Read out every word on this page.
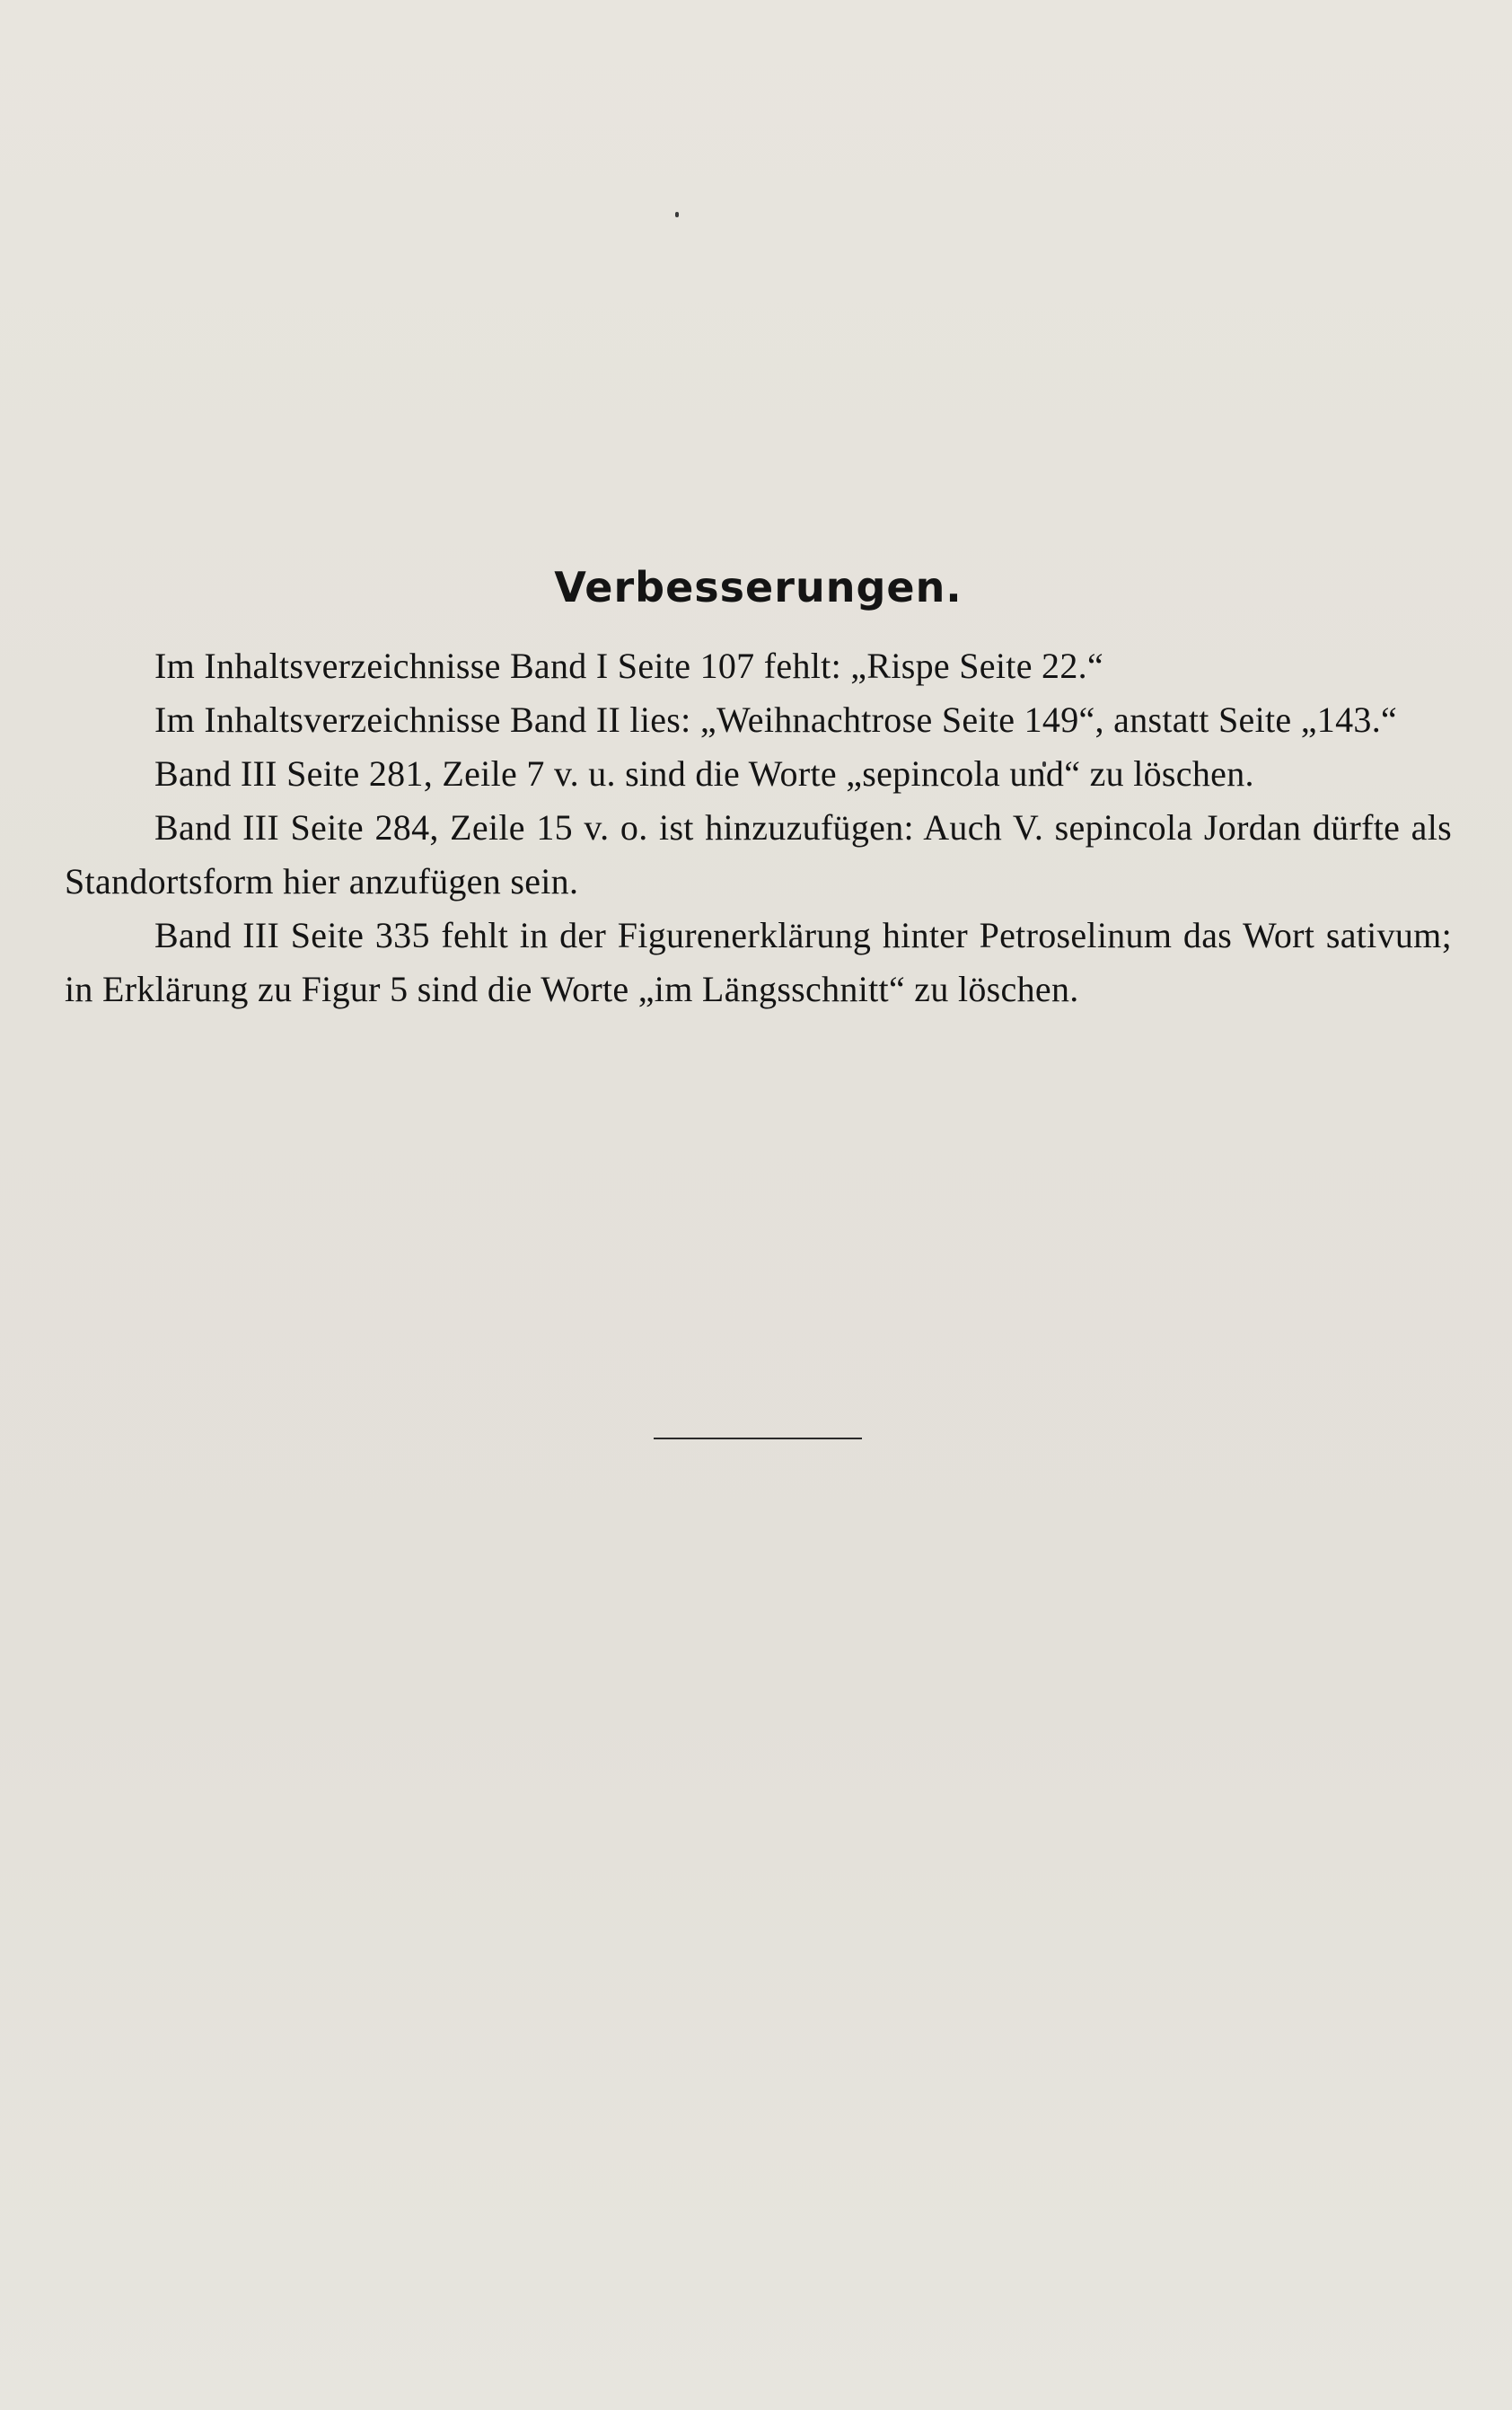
Verbesserungen.

Im Inhaltsverzeichnisse Band I Seite 107 fehlt: „Rispe Seite 22.“

Im Inhaltsverzeichnisse Band II lies: „Weihnachtrose Seite 149“, anstatt Seite „143.“

Band III Seite 281, Zeile 7 v. u. sind die Worte „sepincola und“ zu löschen.

Band III Seite 284, Zeile 15 v. o. ist hinzuzufügen: Auch V. sepincola Jordan dürfte als Standortsform hier anzufügen sein.

Band III Seite 335 fehlt in der Figurenerklärung hinter Petroselinum das Wort sativum; in Erklärung zu Figur 5 sind die Worte „im Längsschnitt“ zu löschen.
